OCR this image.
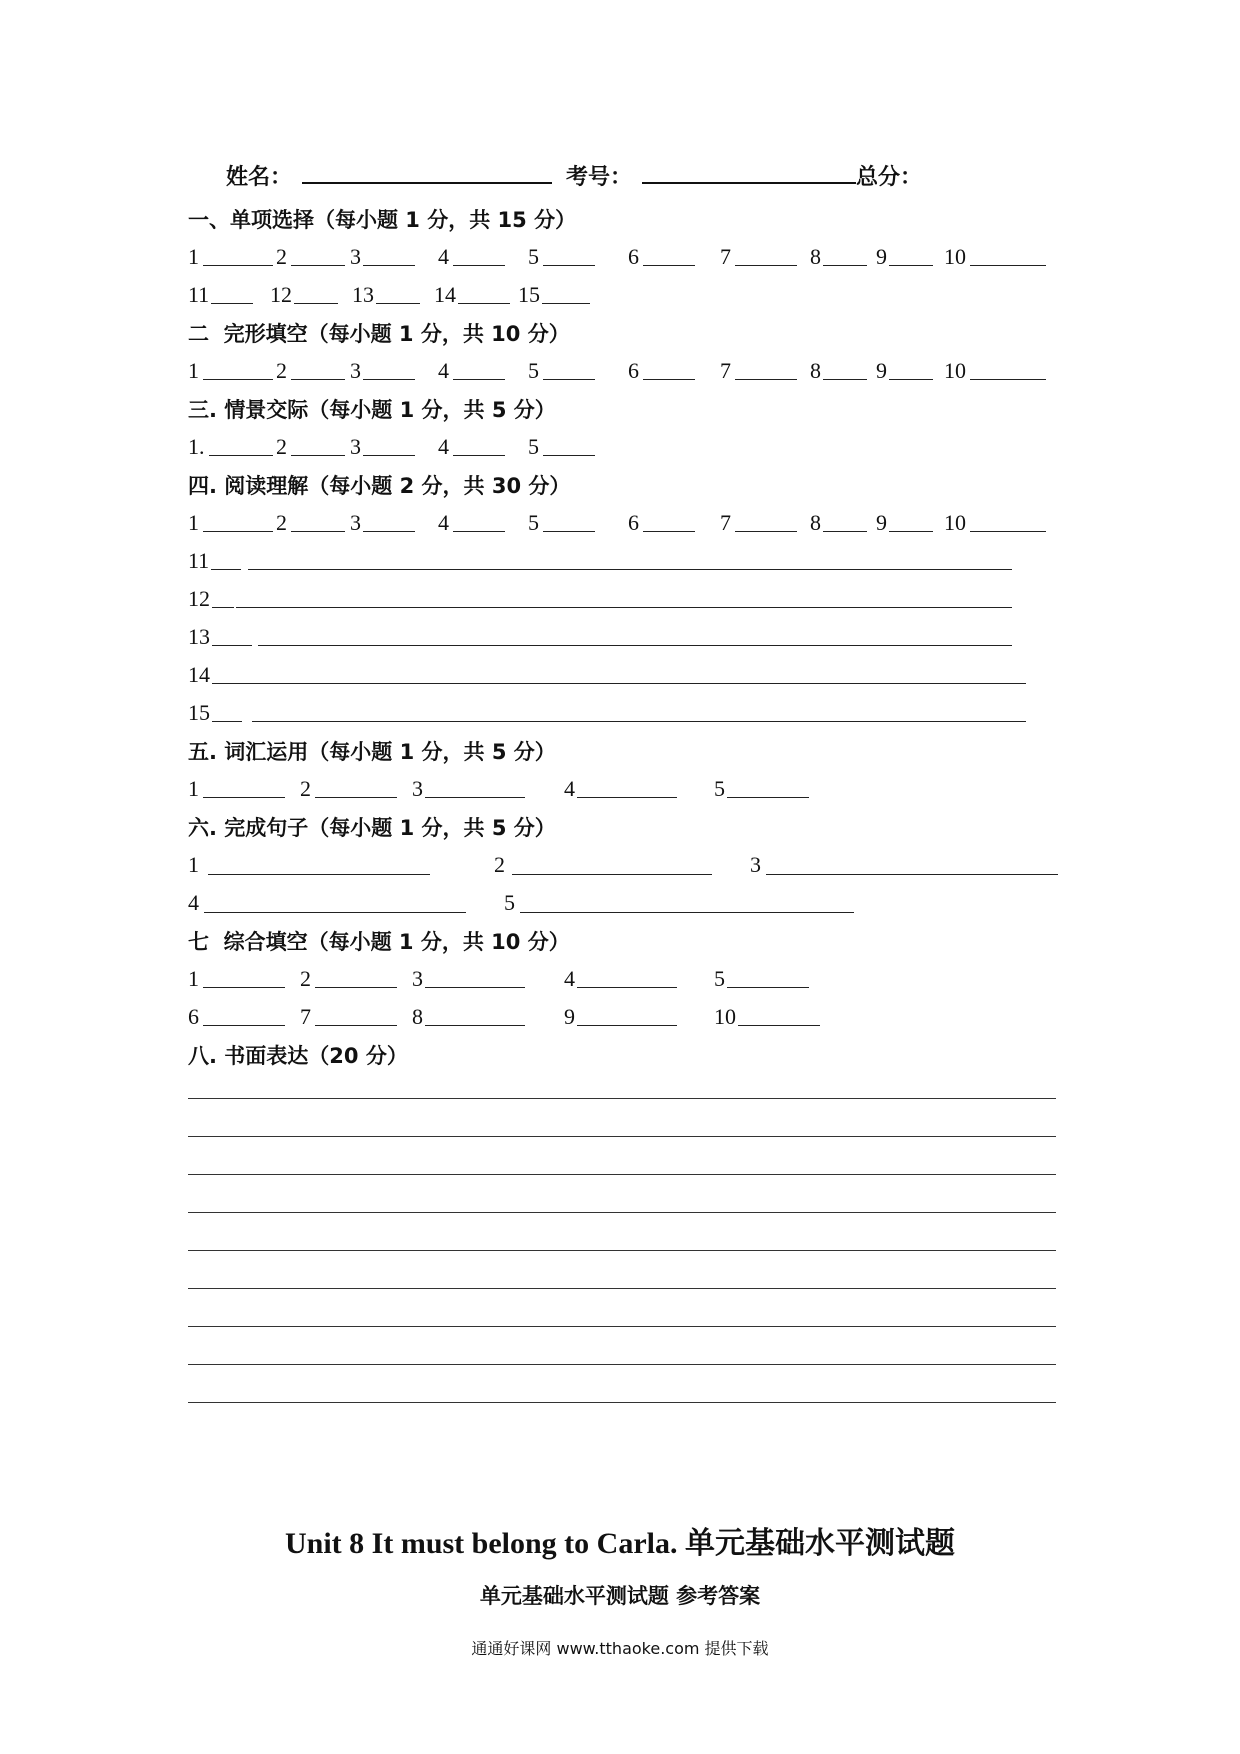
姓名：	考号：	总分：
一、单项选择（每小题 1 分，共 15 分）
1	2	3	4	5	6	7	8	9	10
11	12	13	14	15
二  完形填空（每小题 1 分，共 10 分）
1	2	3	4	5	6	7	8	9	10
三. 情景交际（每小题 1 分，共 5 分）
1.	2	3	4	5
四. 阅读理解（每小题 2 分，共 30 分）
1	2	3	4	5	6	7	8	9	10
11
12
13
14
15
五. 词汇运用（每小题 1 分，共 5 分）
1	2	3	4	5
六. 完成句子（每小题 1 分，共 5 分）
1	2	3
4	5
七  综合填空（每小题 1 分，共 10 分）
1	2	3	4	5
6	7	8	9	10
八. 书面表达（20 分）
Unit 8 It must belong to Carla. 单元基础水平测试题
单元基础水平测试题 参考答案
通通好课网 www.tthaoke.com 提供下载
